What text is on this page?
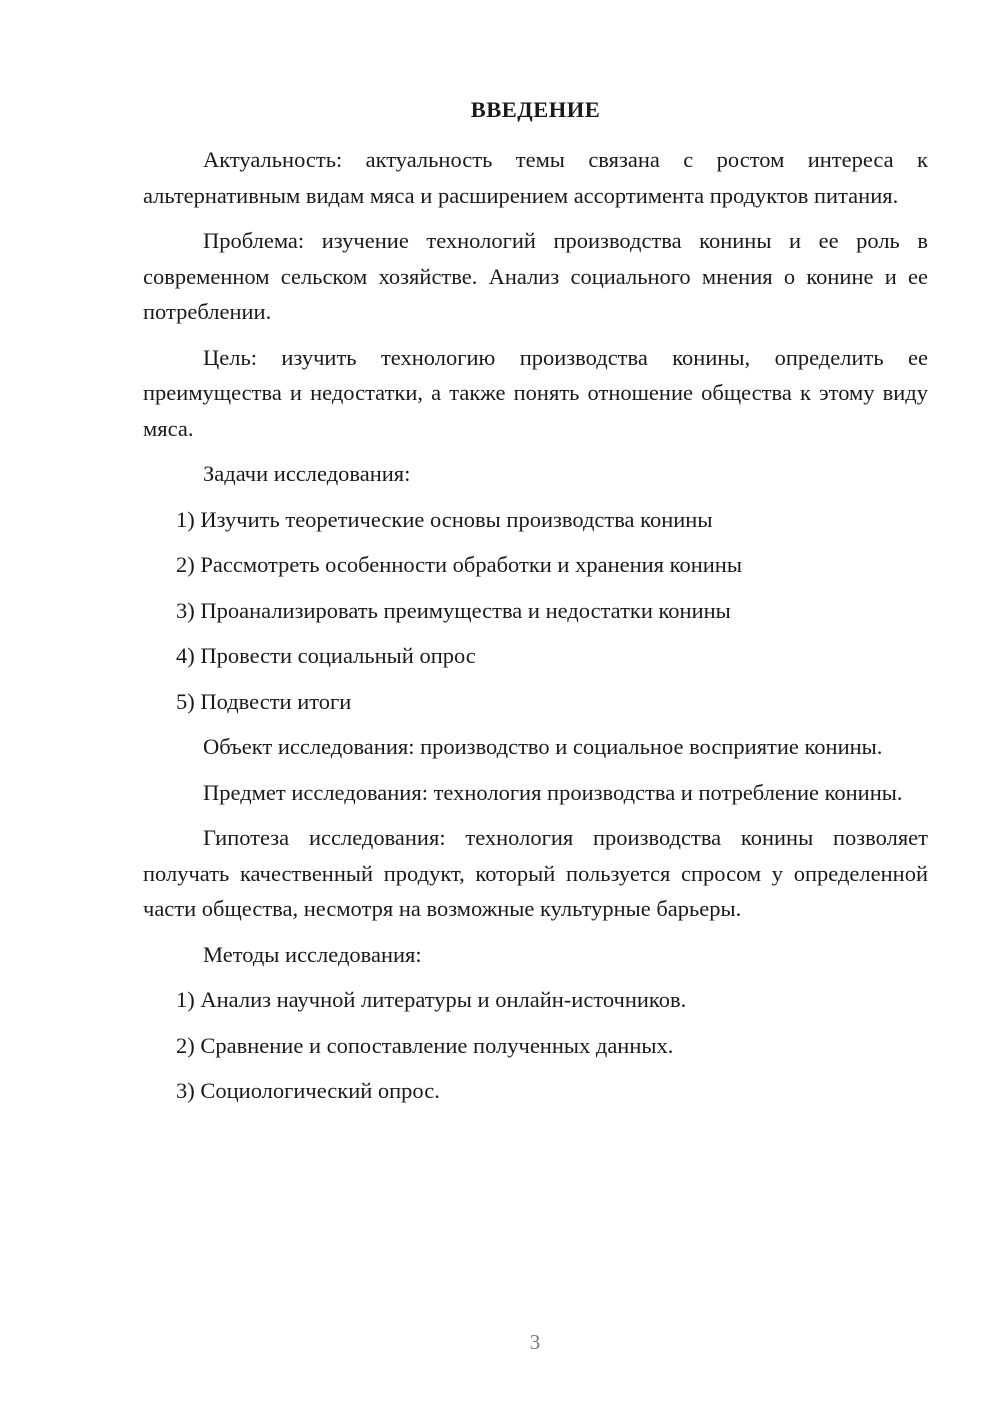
ВВЕДЕНИЕ

Актуальность: актуальность темы связана с ростом интереса к альтернативным видам мяса и расширением ассортимента продуктов питания.

Проблема: изучение технологий производства конины и ее роль в современном сельском хозяйстве. Анализ социального мнения о конине и ее потреблении.

Цель: изучить технологию производства конины, определить ее преимущества и недостатки, а также понять отношение общества к этому виду мяса.

Задачи исследования:

1) Изучить теоретические основы производства конины

2) Рассмотреть особенности обработки и хранения конины

3) Проанализировать преимущества и недостатки конины

4) Провести социальный опрос

5) Подвести итоги

Объект исследования: производство и социальное восприятие конины.

Предмет исследования: технология производства и потребление конины.

Гипотеза исследования: технология производства конины позволяет получать качественный продукт, который пользуется спросом у определенной части общества, несмотря на возможные культурные барьеры.

Методы исследования:

1) Анализ научной литературы и онлайн-источников.

2) Сравнение и сопоставление полученных данных.

3) Социологический опрос.

3
